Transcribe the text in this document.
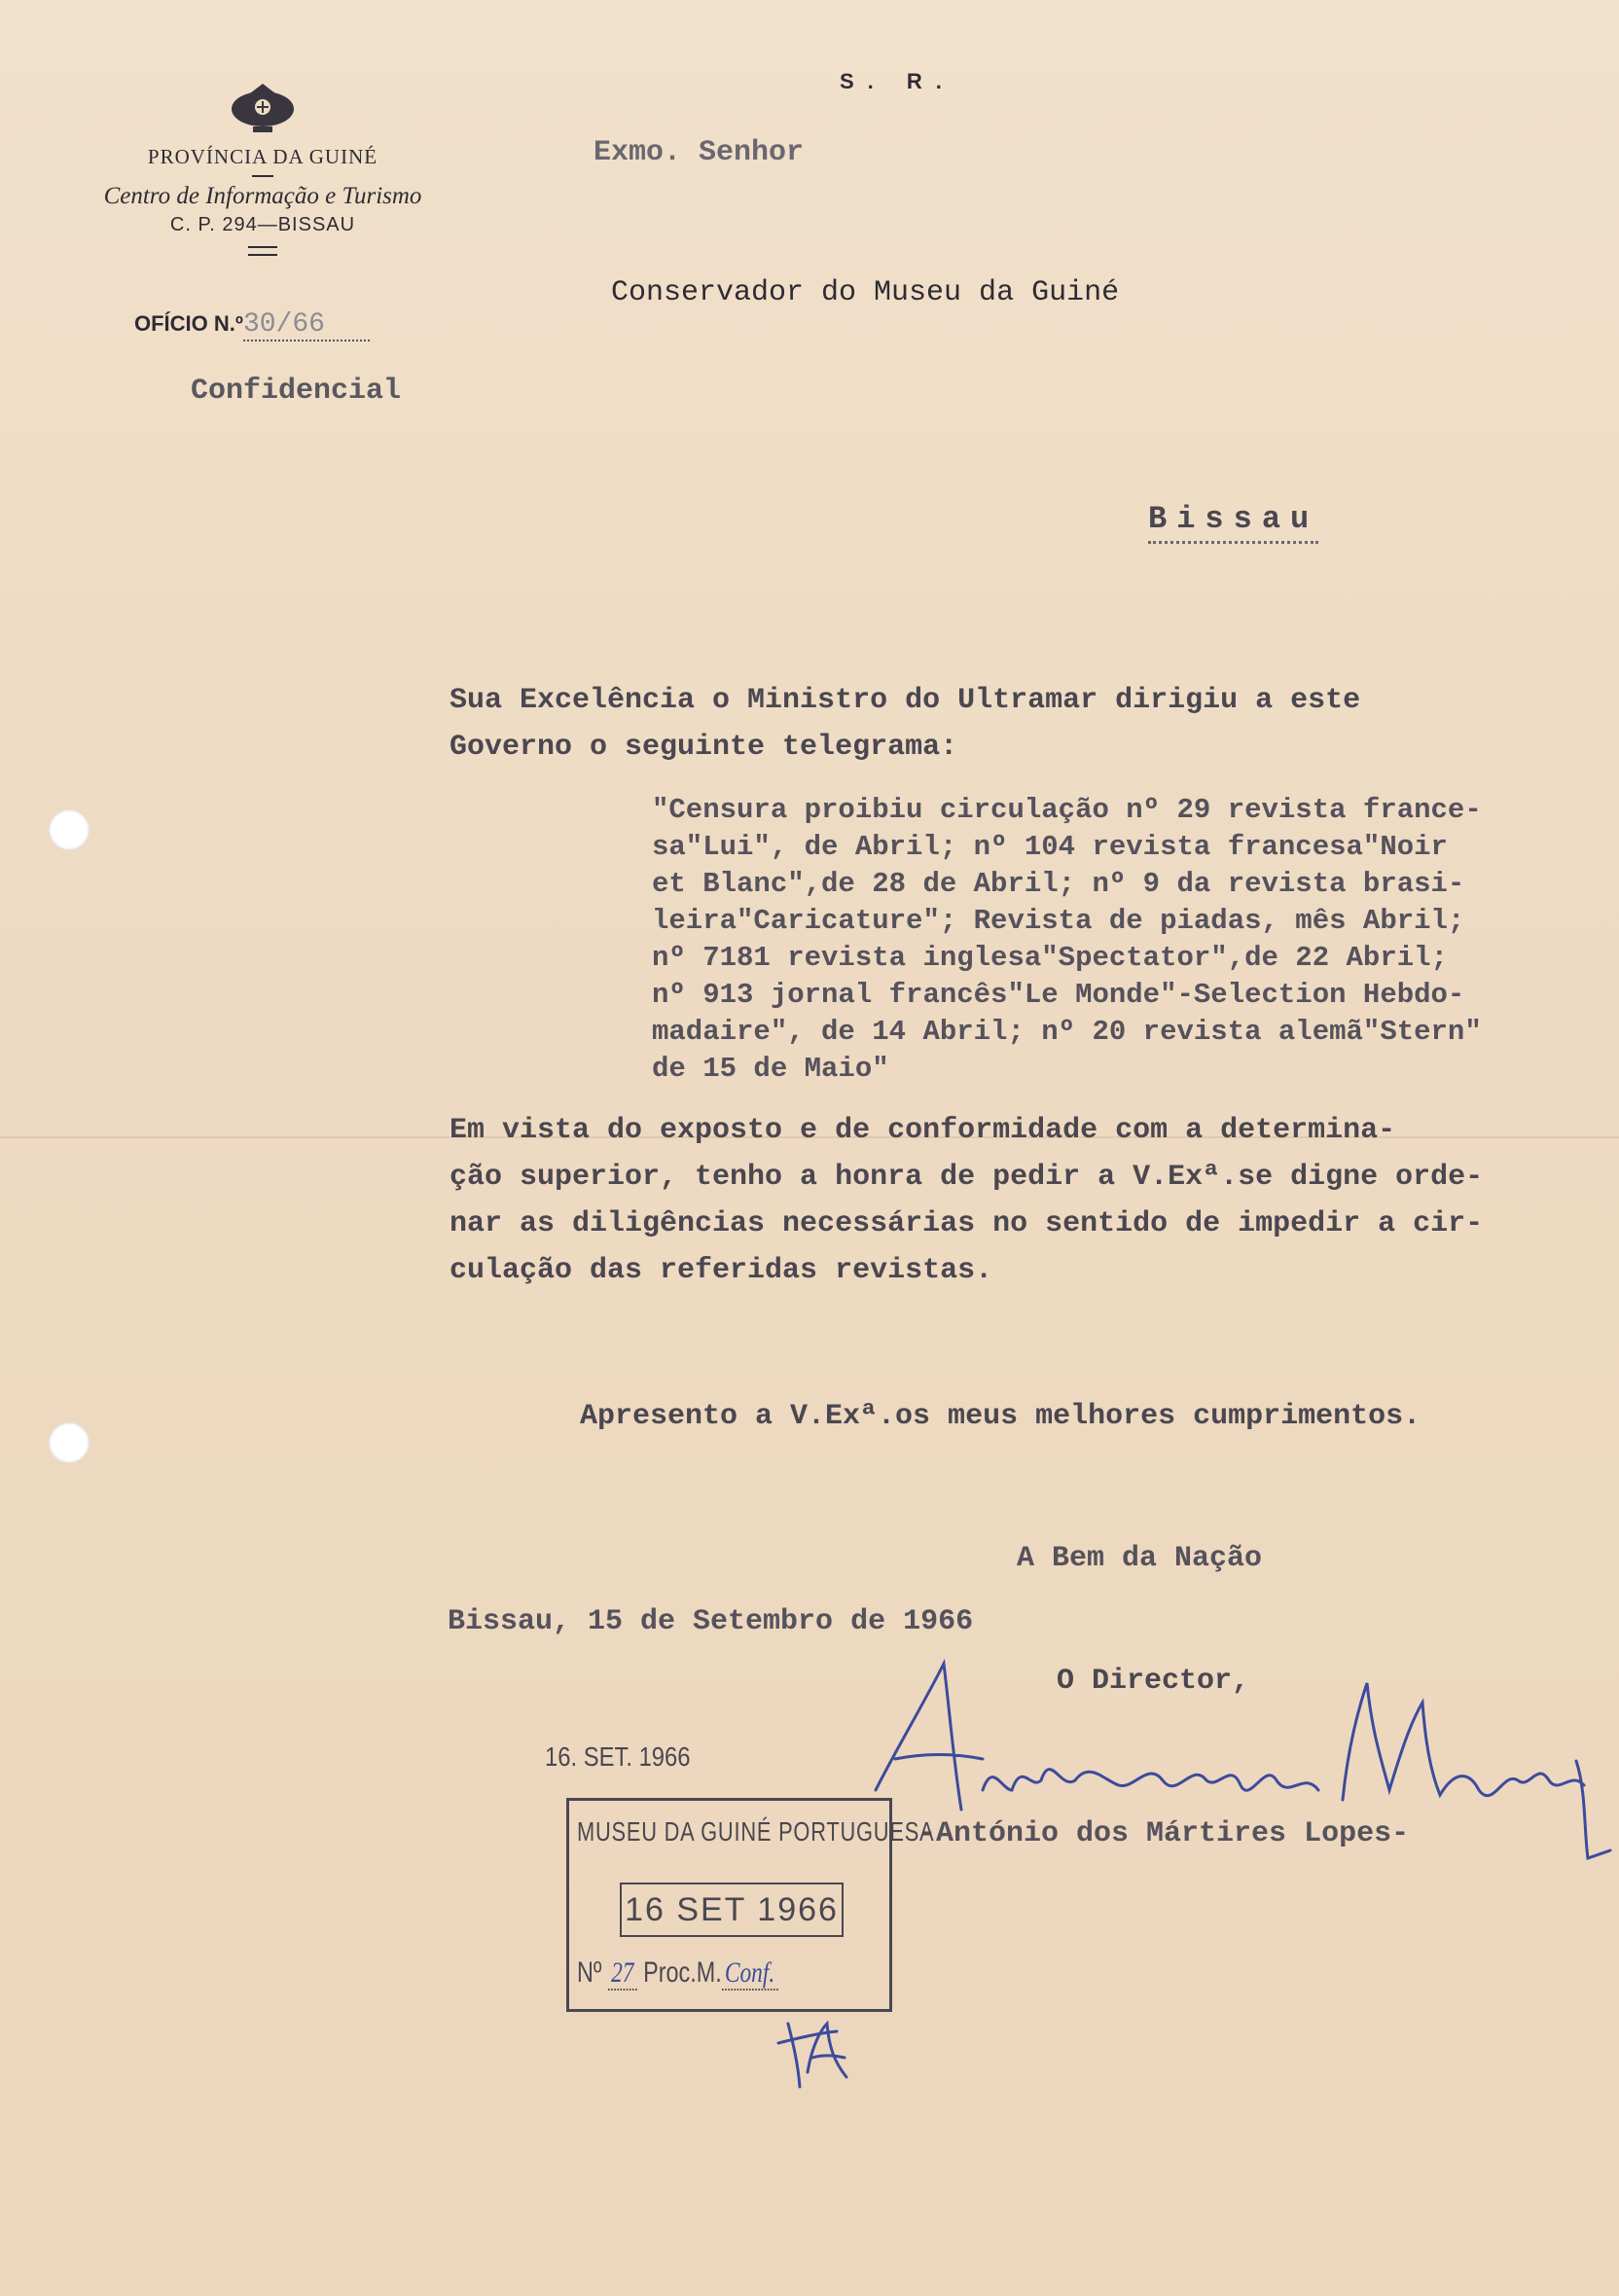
PROVÍNCIA DA GUINÉ
Centro de Informação e Turismo
C. P. 294—BISSAU
OFÍCIO N.º30/66
Confidencial
S. R.
Exmo. Senhor
Conservador do Museu da Guiné
Bissau
Sua Excelência o Ministro do Ultramar dirigiu a este
Governo o seguinte telegrama:
"Censura proibiu circulação nº 29 revista france-
sa"Lui", de Abril; nº 104 revista francesa"Noir
et Blanc",de 28 de Abril; nº 9 da revista brasi-
leira"Caricature"; Revista de piadas, mês Abril;
nº 7181 revista inglesa"Spectator",de 22 Abril;
nº 913 jornal francês"Le Monde"-Selection Hebdo-
madaire", de 14 Abril; nº 20 revista alemã"Stern"
de 15 de Maio"
Em vista do exposto e de conformidade com a determina-
ção superior, tenho a honra de pedir a V.Exª.se digne orde-
nar as diligências necessárias no sentido de impedir a cir-
culação das referidas revistas.
Apresento a V.Exª.os meus melhores cumprimentos.
A Bem da Nação
Bissau, 15 de Setembro de 1966
O Director,
-António dos Mártires Lopes-
16. SET. 1966
MUSEU DA GUINÉ PORTUGUESA
16 SET 1966
Nº 27 Proc.M. Conf.
